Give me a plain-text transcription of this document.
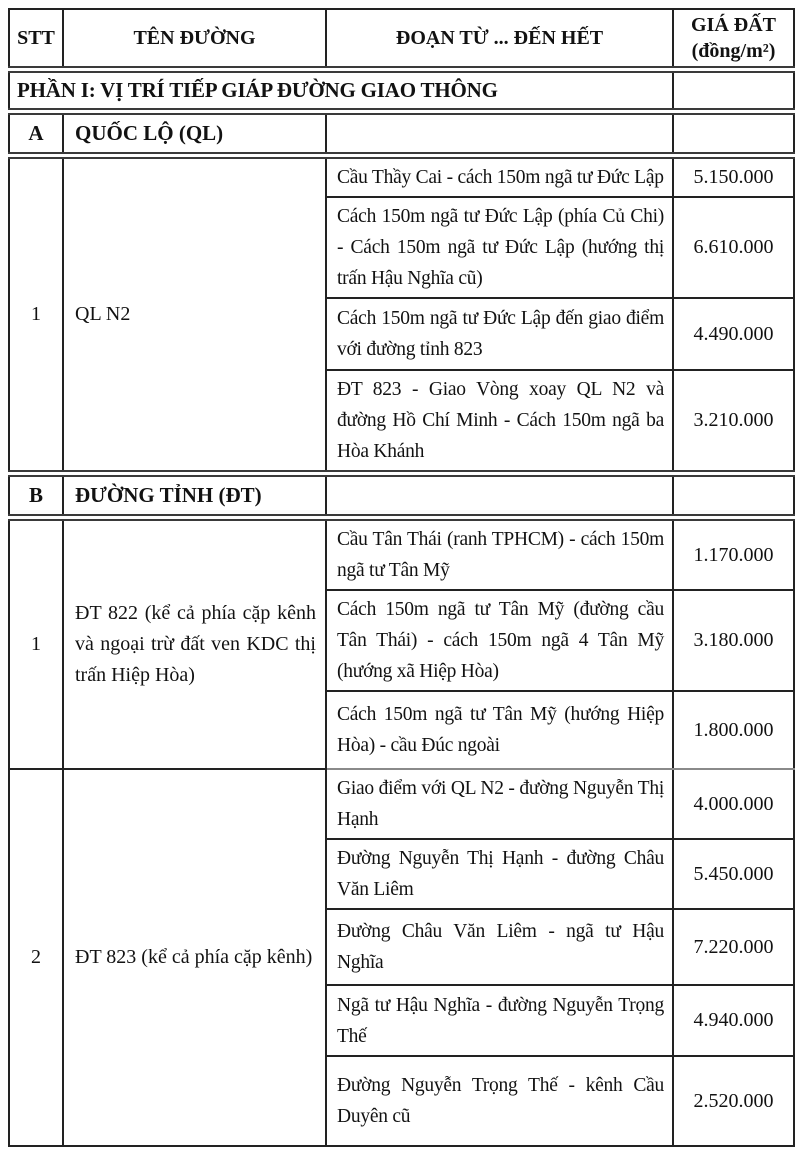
STT	TÊN ĐƯỜNG	ĐOẠN TỪ ... ĐẾN HẾT	GIÁ ĐẤT
(đồng/m²)

PHẦN I: VỊ TRÍ TIẾP GIÁP ĐƯỜNG GIAO THÔNG			
A	QUỐC LỘ (QL)		
1	QL N2	Cầu Thầy Cai - cách 150m ngã tư Đức Lập	5.150.000
		Cách 150m ngã tư Đức Lập (phía Củ Chi) - Cách 150m ngã tư Đức Lập (hướng thị trấn Hậu Nghĩa cũ)	6.610.000
		Cách 150m ngã tư Đức Lập đến giao điểm với đường tỉnh 823	4.490.000
		ĐT 823 - Giao Vòng xoay QL N2 và đường Hồ Chí Minh - Cách 150m ngã ba Hòa Khánh	3.210.000
B	ĐƯỜNG TỈNH (ĐT)		
1	ĐT 822 (kể cả phía cặp kênh và ngoại trừ đất ven KDC thị trấn Hiệp Hòa)	Cầu Tân Thái (ranh TPHCM) - cách 150m ngã tư Tân Mỹ	1.170.000
		Cách 150m ngã tư Tân Mỹ (đường cầu Tân Thái) - cách 150m ngã 4 Tân Mỹ (hướng xã Hiệp Hòa)	3.180.000
		Cách 150m ngã tư Tân Mỹ (hướng Hiệp Hòa) - cầu Đúc ngoài	1.800.000
2	ĐT 823 (kể cả phía cặp kênh)	Giao điểm với QL N2 - đường Nguyễn Thị Hạnh	4.000.000
		Đường Nguyễn Thị Hạnh - đường Châu Văn Liêm	5.450.000
		Đường Châu Văn Liêm - ngã tư Hậu Nghĩa	7.220.000
		Ngã tư Hậu Nghĩa - đường Nguyễn Trọng Thế	4.940.000
		Đường Nguyễn Trọng Thế - kênh Cầu Duyên cũ	2.520.000
